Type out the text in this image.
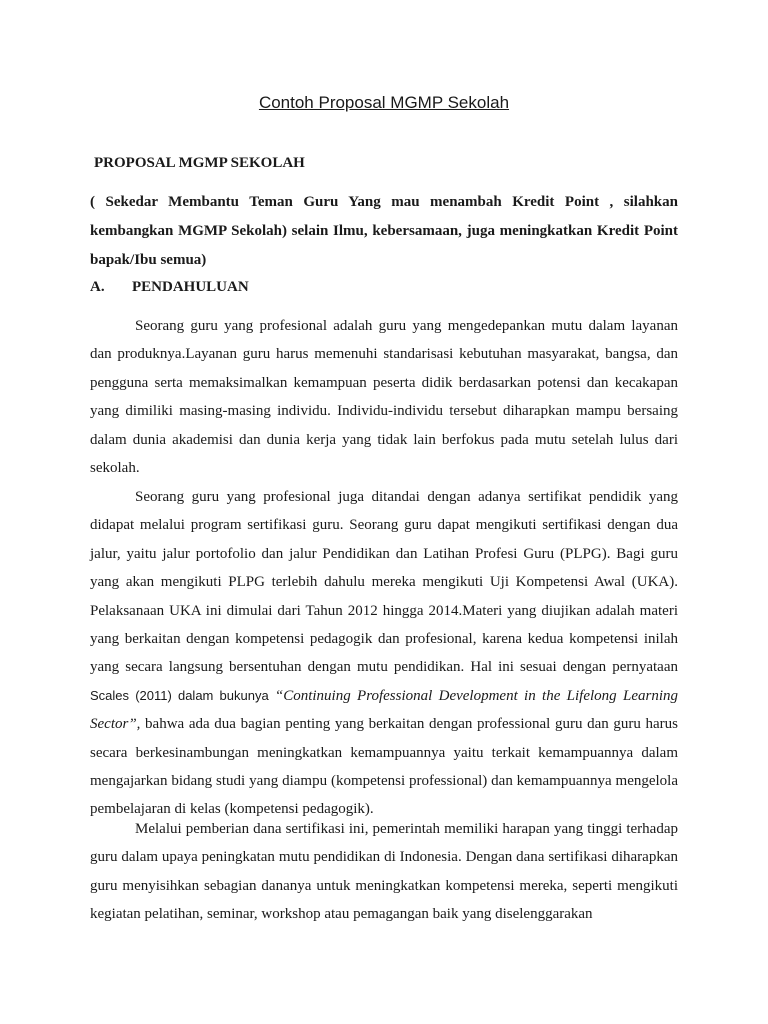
Contoh Proposal MGMP Sekolah
PROPOSAL MGMP SEKOLAH
( Sekedar Membantu Teman Guru Yang mau menambah Kredit Point , silahkan kembangkan MGMP Sekolah) selain Ilmu, kebersamaan, juga meningkatkan Kredit Point bapak/Ibu semua)
A. PENDAHULUAN
Seorang guru yang profesional adalah guru yang mengedepankan mutu dalam layanan dan produknya.Layanan guru harus memenuhi standarisasi kebutuhan masyarakat, bangsa, dan pengguna serta memaksimalkan kemampuan peserta didik berdasarkan potensi dan kecakapan yang dimiliki masing-masing individu. Individu-individu tersebut diharapkan mampu bersaing dalam dunia akademisi dan dunia kerja yang tidak lain berfokus pada mutu setelah lulus dari sekolah.
Seorang guru yang profesional juga ditandai dengan adanya sertifikat pendidik yang didapat melalui program sertifikasi guru. Seorang guru dapat mengikuti sertifikasi dengan dua jalur, yaitu jalur portofolio dan jalur Pendidikan dan Latihan Profesi Guru (PLPG). Bagi guru yang akan mengikuti PLPG terlebih dahulu mereka mengikuti Uji Kompetensi Awal (UKA). Pelaksanaan UKA ini dimulai dari Tahun 2012 hingga 2014.Materi yang diujikan adalah materi yang berkaitan dengan kompetensi pedagogik dan profesional, karena kedua kompetensi inilah yang secara langsung bersentuhan dengan mutu pendidikan. Hal ini sesuai dengan pernyataan Scales (2011) dalam bukunya “Continuing Professional Development in the Lifelong Learning Sector”, bahwa ada dua bagian penting yang berkaitan dengan professional guru dan guru harus secara berkesinambungan meningkatkan kemampuannya yaitu terkait kemampuannya dalam mengajarkan bidang studi yang diampu (kompetensi professional) dan kemampuannya mengelola pembelajaran di kelas (kompetensi pedagogik).
Melalui pemberian dana sertifikasi ini, pemerintah memiliki harapan yang tinggi terhadap guru dalam upaya peningkatan mutu pendidikan di Indonesia. Dengan dana sertifikasi diharapkan guru menyisihkan sebagian dananya untuk meningkatkan kompetensi mereka, seperti mengikuti kegiatan pelatihan, seminar, workshop atau pemagangan baik yang diselenggarakan
